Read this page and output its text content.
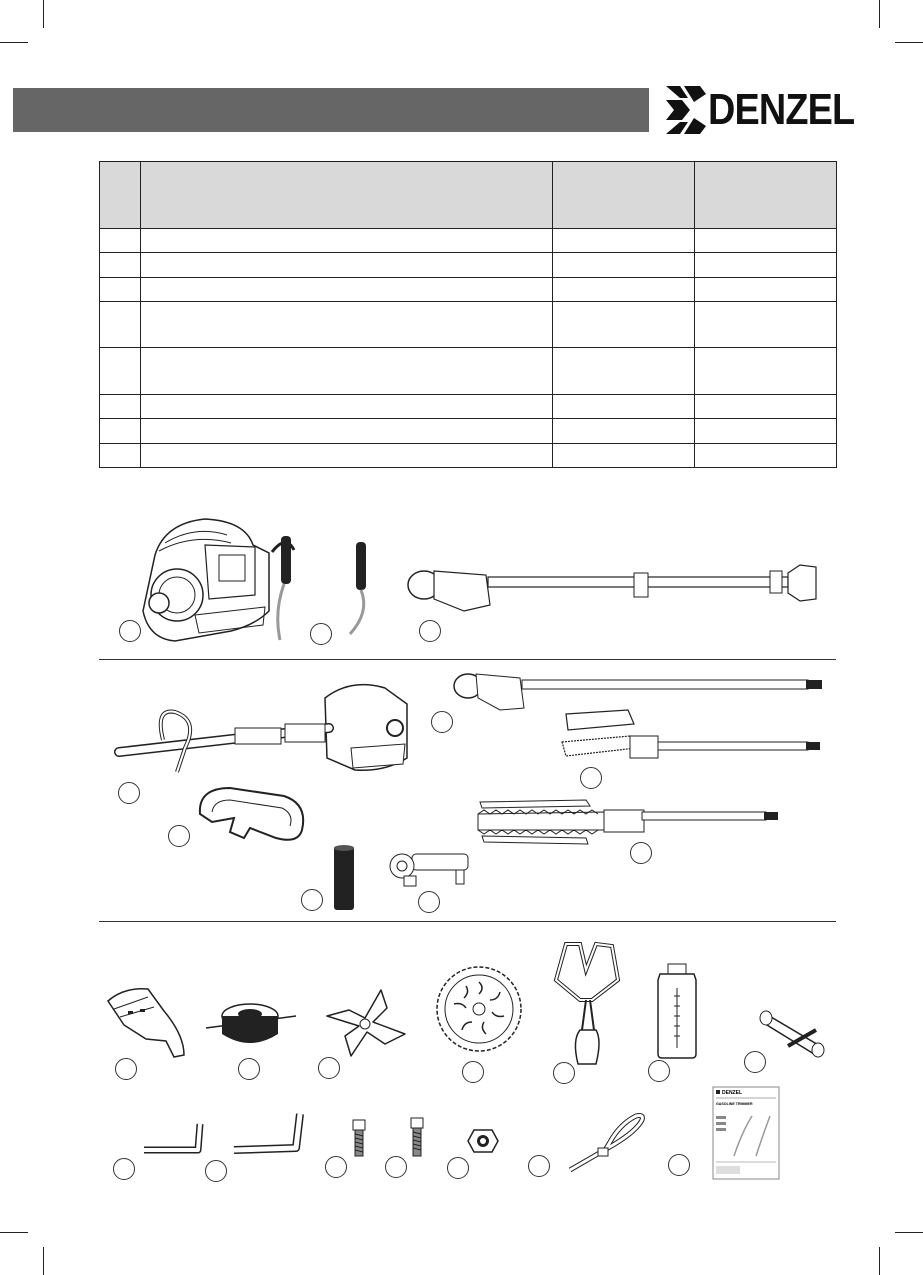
DENZEL

DENZEL
GASOLINE TRIMMER
